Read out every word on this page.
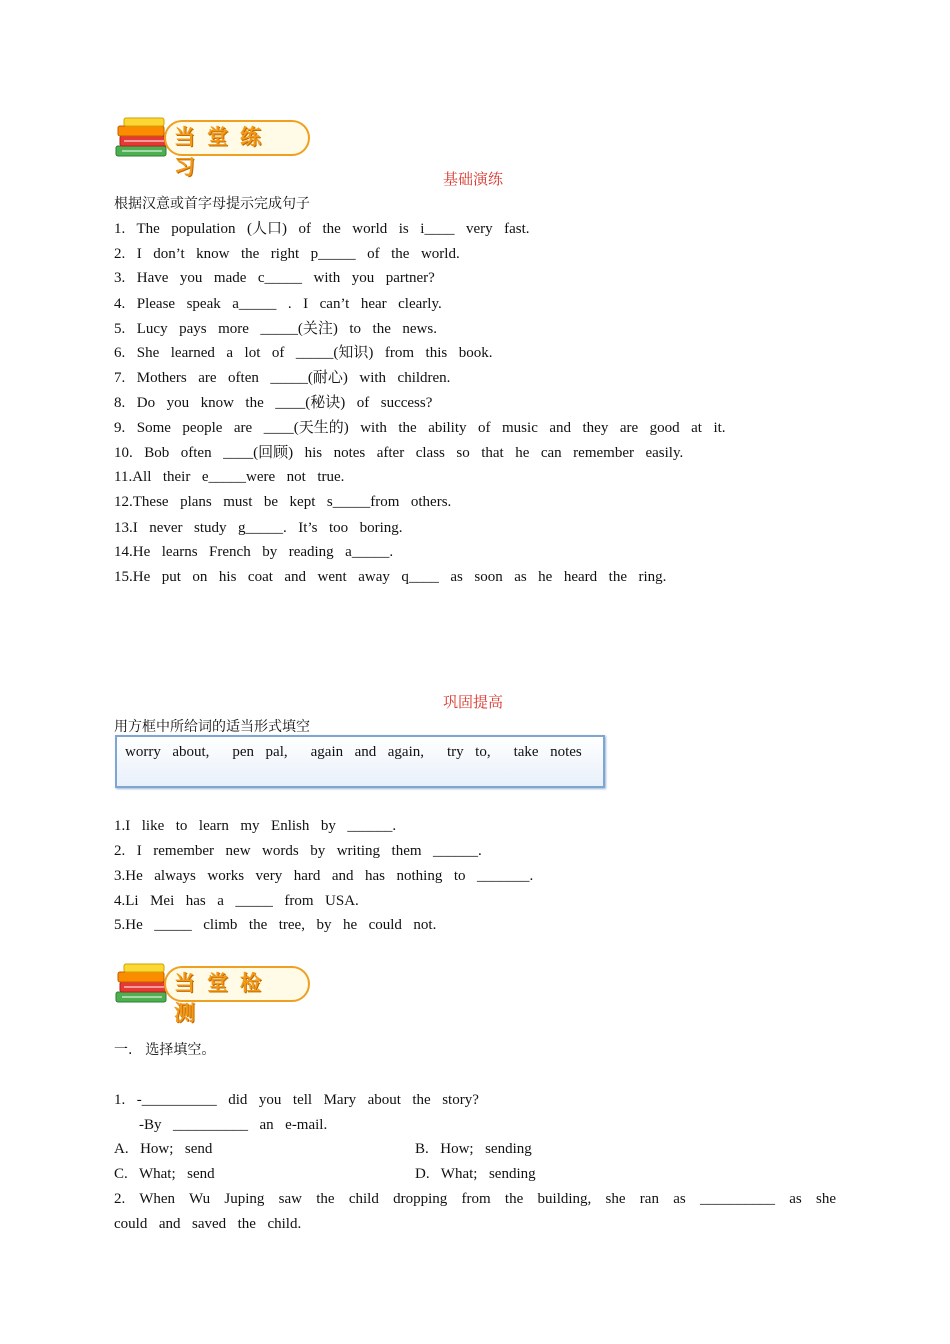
当堂练习	基础演练
根据汉意或首字母提示完成句子
1.  The  population  (人口)  of  the  world  is  i____  very  fast.
2.  I  don’t  know  the  right  p_____  of  the  world.
3.  Have  you  made  c_____  with  you  partner?
4.  Please  speak  a_____  .  I  can’t  hear  clearly.
5.  Lucy  pays  more  _____(关注)  to  the  news.
6.  She  learned  a  lot  of  _____(知识)  from  this  book.
7.  Mothers  are  often  _____(耐心)  with  children.
8.  Do  you  know  the  ____(秘诀)  of  success?
9.  Some  people  are  ____(天生的)  with  the  ability  of  music  and  they  are  good  at  it.
10.  Bob  often  ____(回顾)  his  notes  after  class  so  that  he  can  remember  easily.
11.All  their  e_____were  not  true.
12.These  plans  must  be  kept  s_____from  others.
13.I  never  study  g_____.  It’s  too  boring.
14.He  learns  French  by  reading  a_____.
15.He  put  on  his  coat  and  went  away  q____  as  soon  as  he  heard  the  ring.
巩固提高
用方框中所给词的适当形式填空
worry  about,    pen  pal,    again  and  again,    try  to,    take  notes
1.I  like  to  learn  my  Enlish  by  ______.
2.  I  remember  new  words  by  writing  them  ______.
3.He  always  works  very  hard  and  has  nothing  to  _______.
4.Li  Mei  has  a  _____  from  USA.
5.He  _____  climb  the  tree,  by  he  could  not.
当堂检测
一.  选择填空。
1.  -__________  did  you  tell  Mary  about  the  story?
-By  __________  an  e-mail.
A.  How;  send	B.  How;  sending
C.  What;  send	D.  What;  sending
2. When Wu Juping saw the child dropping from the building, she ran as __________ as she
could  and  saved  the  child.
